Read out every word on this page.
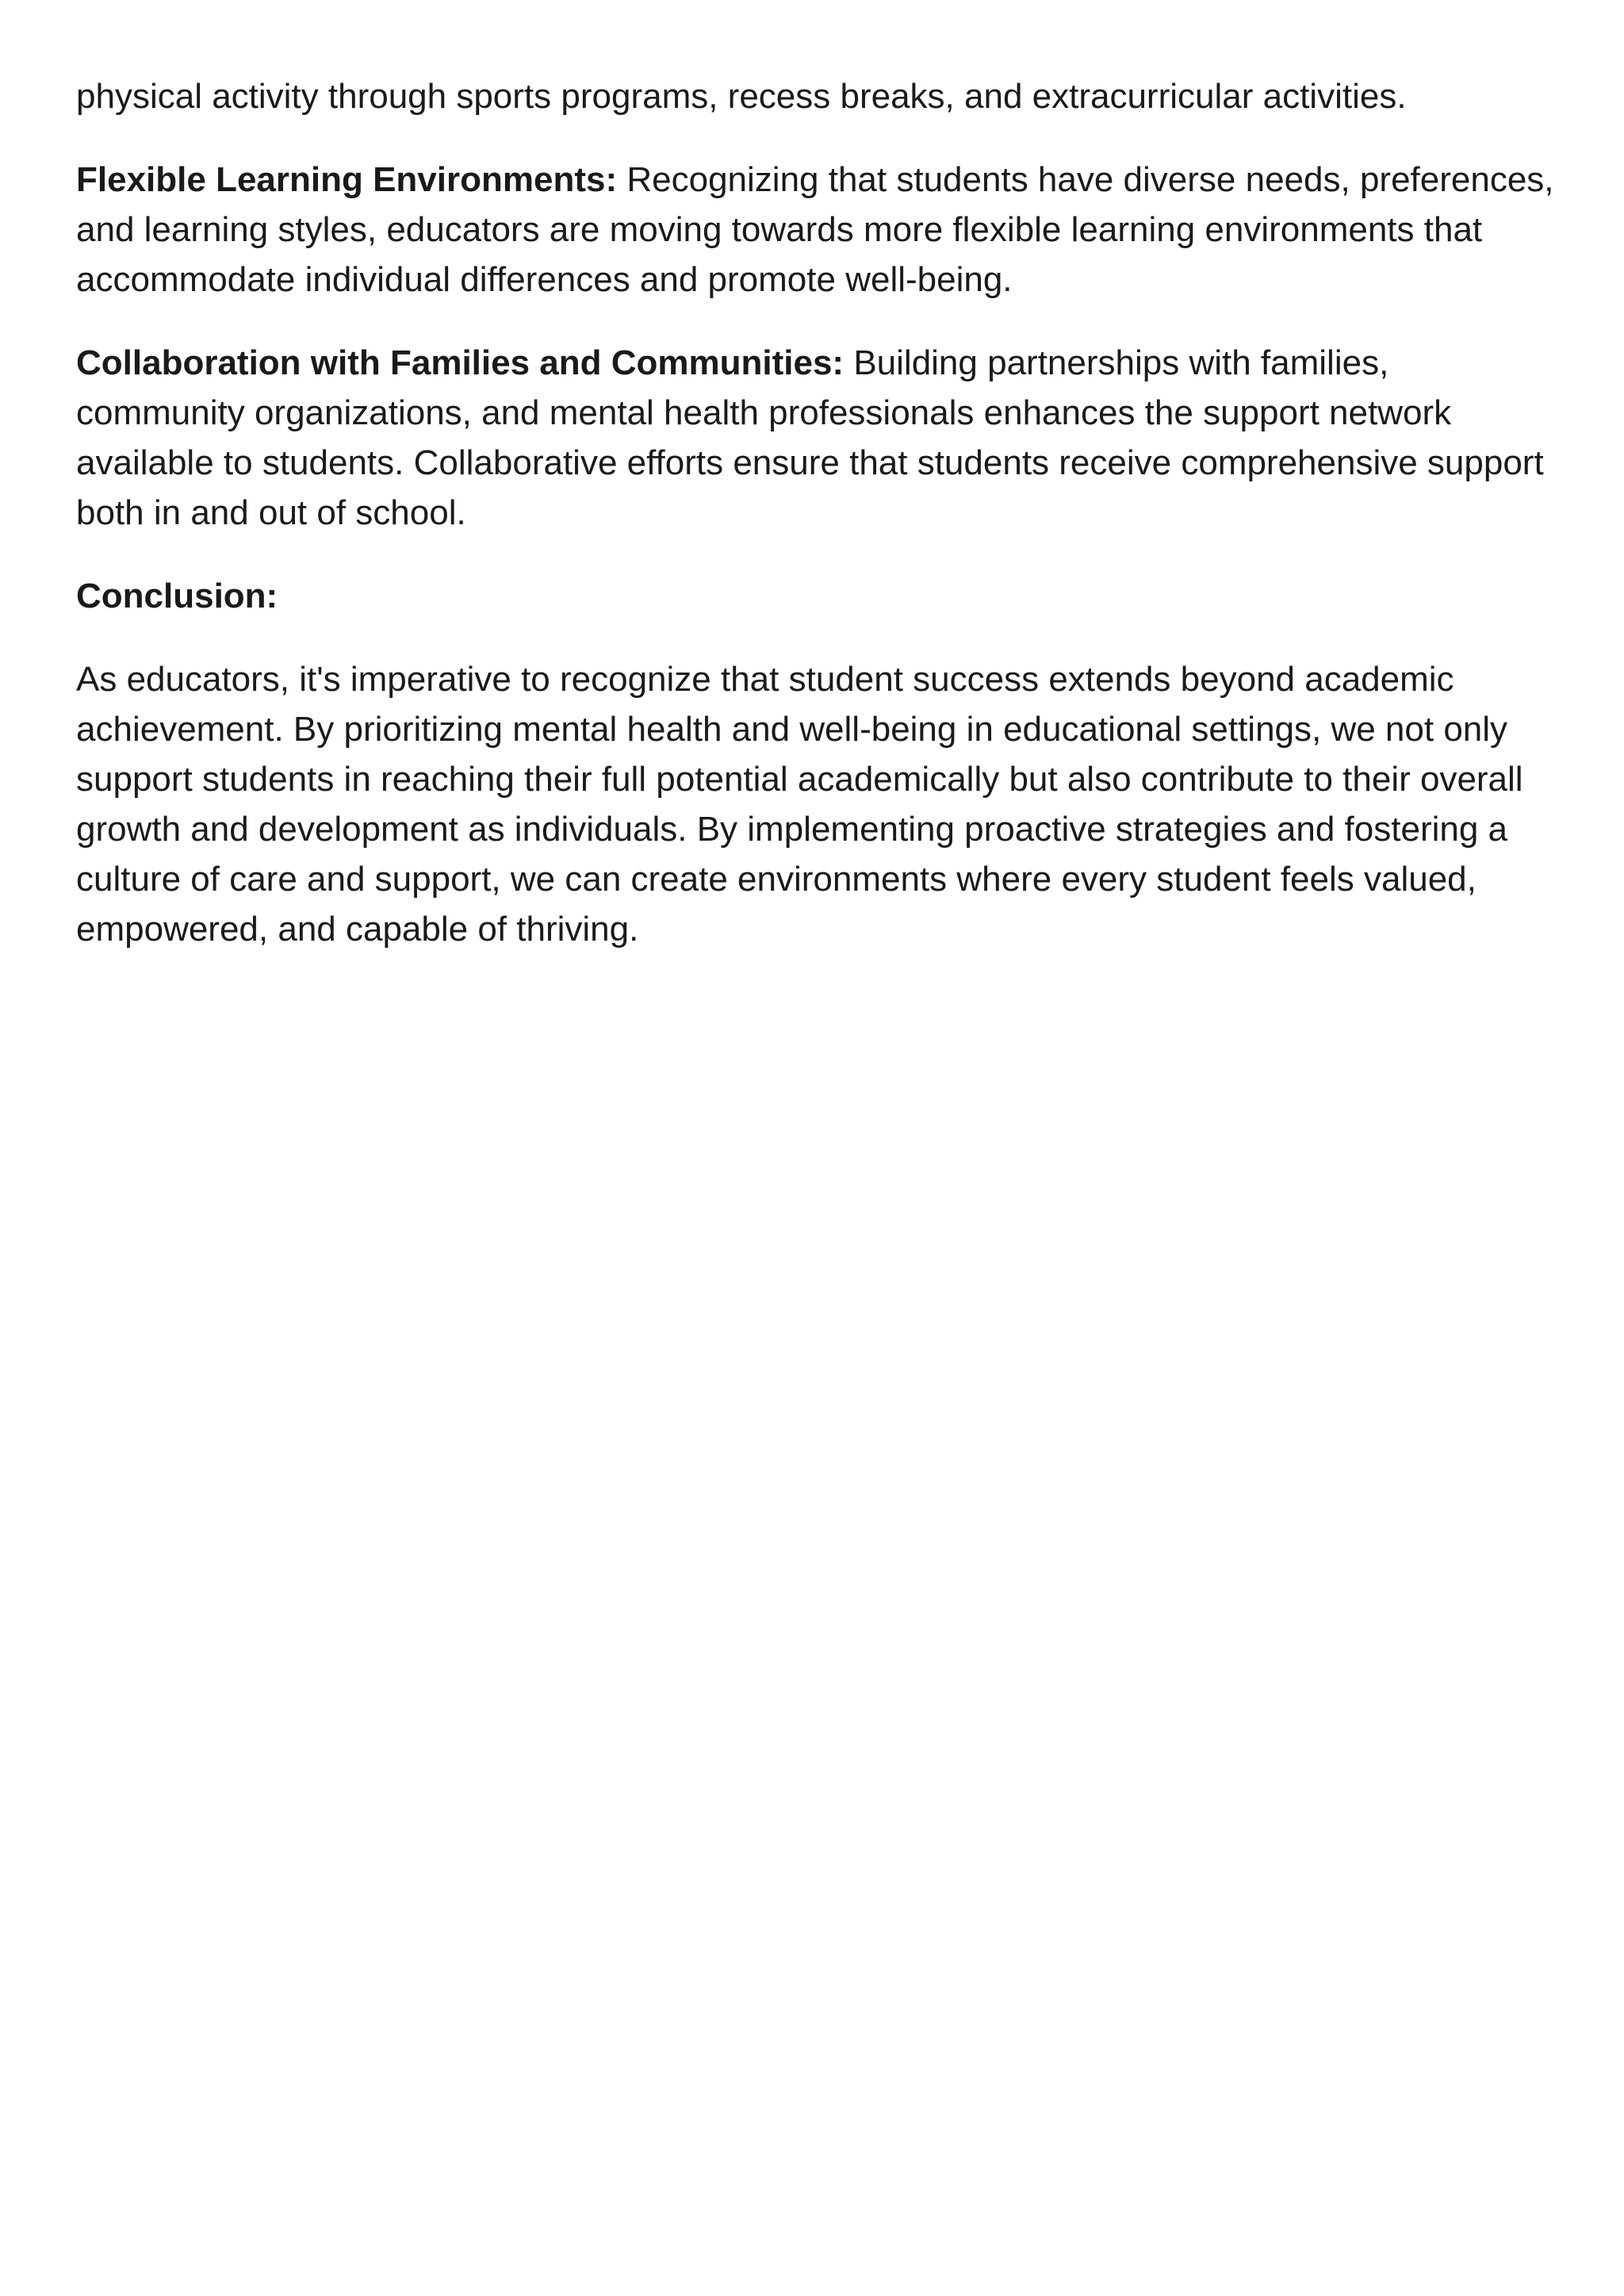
physical activity through sports programs, recess breaks, and extracurricular activities.

Flexible Learning Environments: Recognizing that students have diverse needs, preferences, and learning styles, educators are moving towards more flexible learning environments that accommodate individual differences and promote well-being.

Collaboration with Families and Communities: Building partnerships with families, community organizations, and mental health professionals enhances the support network available to students. Collaborative efforts ensure that students receive comprehensive support both in and out of school.

Conclusion:

As educators, it's imperative to recognize that student success extends beyond academic achievement. By prioritizing mental health and well-being in educational settings, we not only support students in reaching their full potential academically but also contribute to their overall growth and development as individuals. By implementing proactive strategies and fostering a culture of care and support, we can create environments where every student feels valued, empowered, and capable of thriving.
